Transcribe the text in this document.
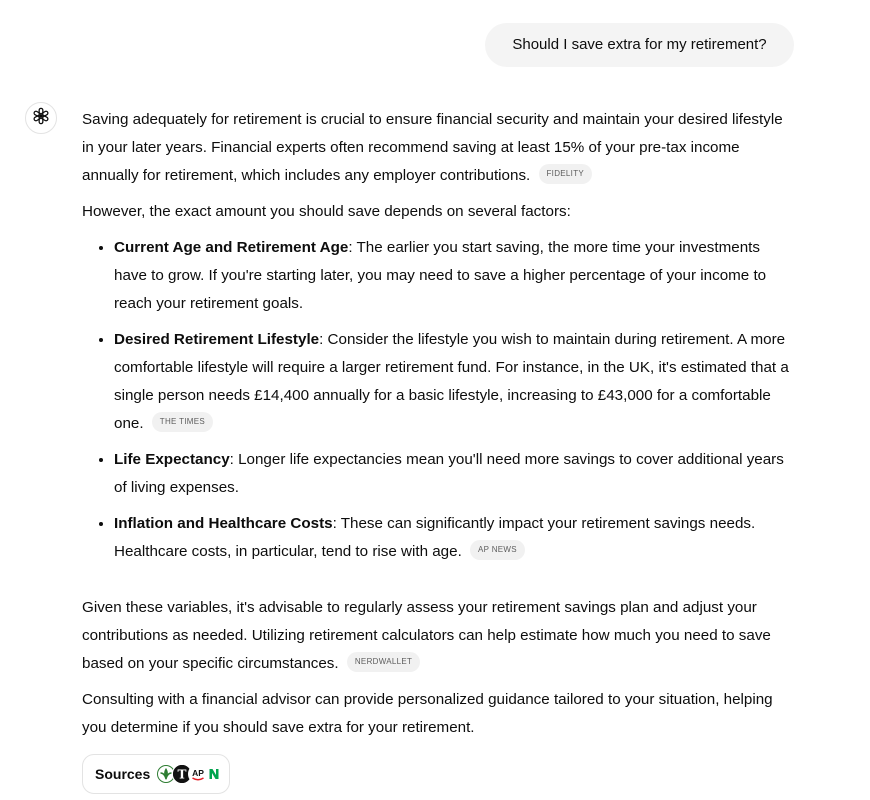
Should I save extra for my retirement?

Saving adequately for retirement is crucial to ensure financial security and maintain your desired lifestyle in your later years. Financial experts often recommend saving at least 15% of your pre-tax income annually for retirement, which includes any employer contributions. FIDELITY

However, the exact amount you should save depends on several factors:

• Current Age and Retirement Age: The earlier you start saving, the more time your investments have to grow. If you're starting later, you may need to save a higher percentage of your income to reach your retirement goals.
• Desired Retirement Lifestyle: Consider the lifestyle you wish to maintain during retirement. A more comfortable lifestyle will require a larger retirement fund. For instance, in the UK, it's estimated that a single person needs £14,400 annually for a basic lifestyle, increasing to £43,000 for a comfortable one. THE TIMES
• Life Expectancy: Longer life expectancies mean you'll need more savings to cover additional years of living expenses.
• Inflation and Healthcare Costs: These can significantly impact your retirement savings needs. Healthcare costs, in particular, tend to rise with age. AP NEWS

Given these variables, it's advisable to regularly assess your retirement savings plan and adjust your contributions as needed. Utilizing retirement calculators can help estimate how much you need to save based on your specific circumstances. NERDWALLET

Consulting with a financial advisor can provide personalized guidance tailored to your situation, helping you determine if you should save extra for your retirement.

Sources T AP
